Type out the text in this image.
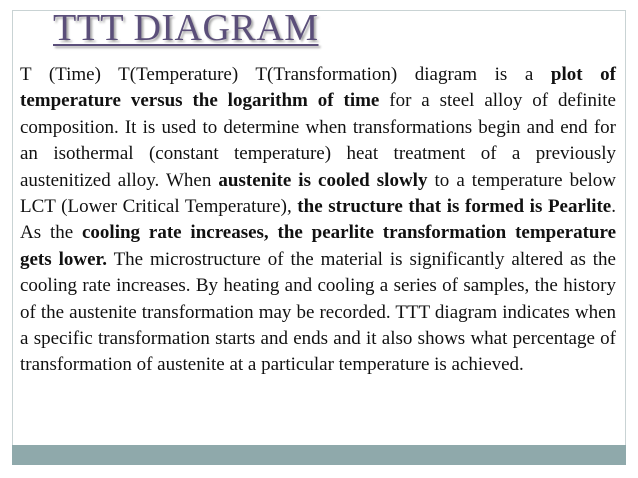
TTT DIAGRAM

T (Time) T(Temperature) T(Transformation) diagram is a plot of temperature versus the logarithm of time for a steel alloy of definite composition. It is used to determine when transformations begin and end for an isothermal (constant temperature) heat treatment of a previously austenitized alloy. When austenite is cooled slowly to a temperature below LCT (Lower Critical Temperature), the structure that is formed is Pearlite. As the cooling rate increases, the pearlite transformation temperature gets lower. The microstructure of the material is significantly altered as the cooling rate increases. By heating and cooling a series of samples, the history of the austenite transformation may be recorded. TTT diagram indicates when a specific transformation starts and ends and it also shows what percentage of transformation of austenite at a particular temperature is achieved.
